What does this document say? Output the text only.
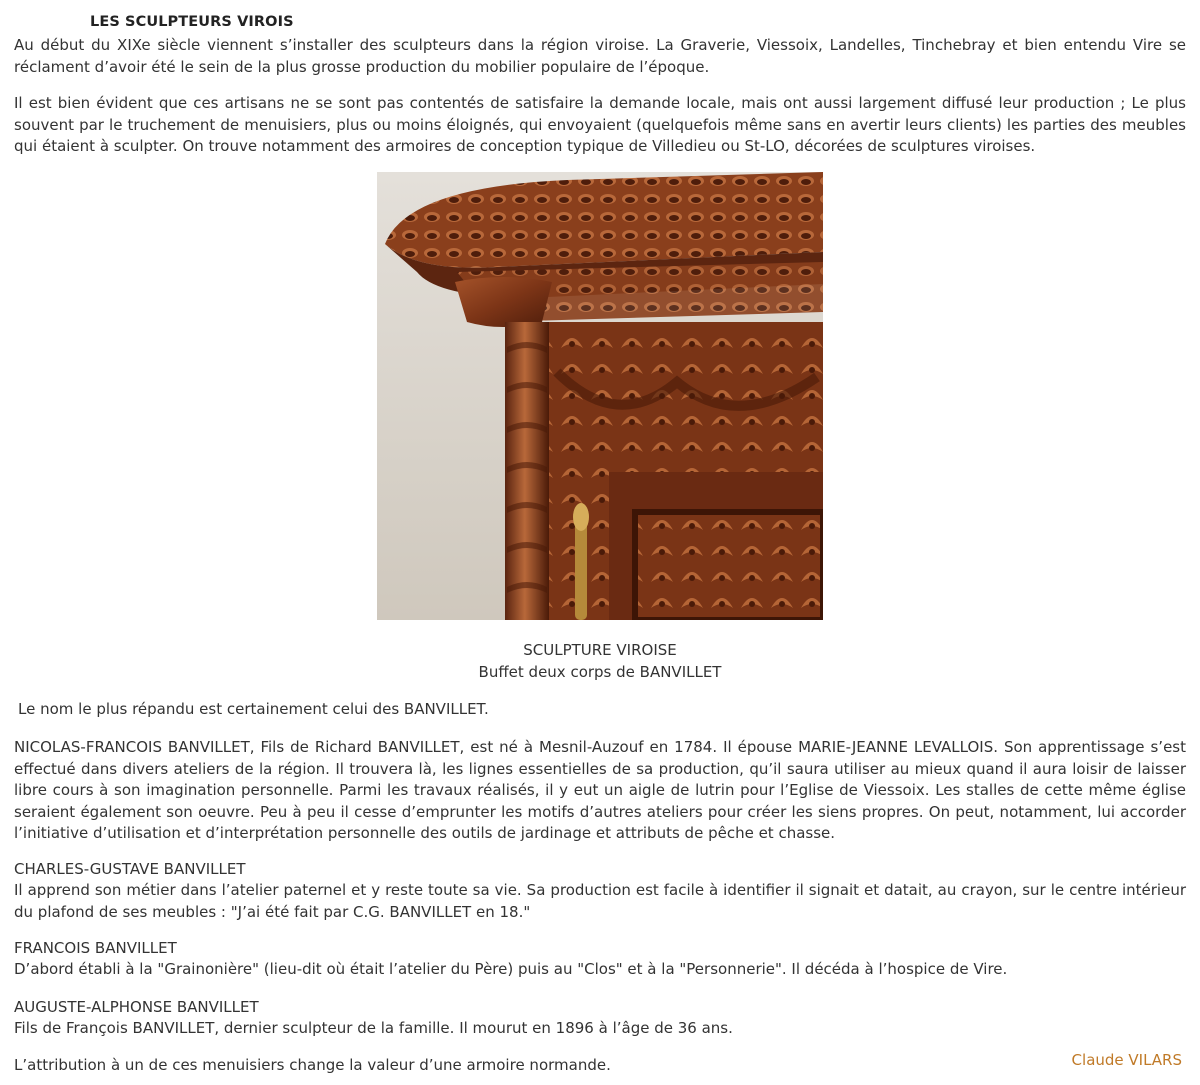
LES SCULPTEURS VIROIS
Au début du XIXe siècle viennent s’installer des sculpteurs dans la région viroise. La Graverie, Viessoix, Landelles, Tinchebray et bien entendu Vire se réclament d’avoir été le sein de la plus grosse production du mobilier populaire de l’époque.
Il est bien évident que ces artisans ne se sont pas contentés de satisfaire la demande locale, mais ont aussi largement diffusé leur production ; Le plus souvent par le truchement de menuisiers, plus ou moins éloignés, qui envoyaient (quelquefois même sans en avertir leurs clients) les parties des meubles qui étaient à sculpter. On trouve notamment des armoires de conception typique de Villedieu ou St-LO, décorées de sculptures viroises.
SCULPTURE VIROISE
Buffet deux corps de BANVILLET
Le nom le plus répandu est certainement celui des BANVILLET.
NICOLAS-FRANCOIS BANVILLET, Fils de Richard BANVILLET, est né à Mesnil-Auzouf en 1784. Il épouse MARIE-JEANNE LEVALLOIS. Son apprentissage s’est effectué dans divers ateliers de la région. Il trouvera là, les lignes essentielles de sa production, qu’il saura utiliser au mieux quand il aura loisir de laisser libre cours à son imagination personnelle. Parmi les travaux réalisés, il y eut un aigle de lutrin pour l’Eglise de Viessoix. Les stalles de cette même église seraient également son oeuvre. Peu à peu il cesse d’emprunter les motifs d’autres ateliers pour créer les siens propres. On peut, notamment, lui accorder l’initiative d’utilisation et d’interprétation personnelle des outils de jardinage et attributs de pêche et chasse.
CHARLES-GUSTAVE BANVILLET
Il apprend son métier dans l’atelier paternel et y reste toute sa vie. Sa production est facile à identifier il signait et datait, au crayon, sur le centre intérieur du plafond de ses meubles : "J’ai été fait par C.G. BANVILLET en 18."
FRANCOIS BANVILLET
D’abord établi à la "Grainonière" (lieu-dit où était l’atelier du Père) puis au "Clos" et à la "Personnerie". Il décéda à l’hospice de Vire.
AUGUSTE-ALPHONSE BANVILLET
Fils de François BANVILLET, dernier sculpteur de la famille. Il mourut en 1896 à l’âge de 36 ans.
L’attribution à un de ces menuisiers change la valeur d’une armoire normande.	Claude VILARS
